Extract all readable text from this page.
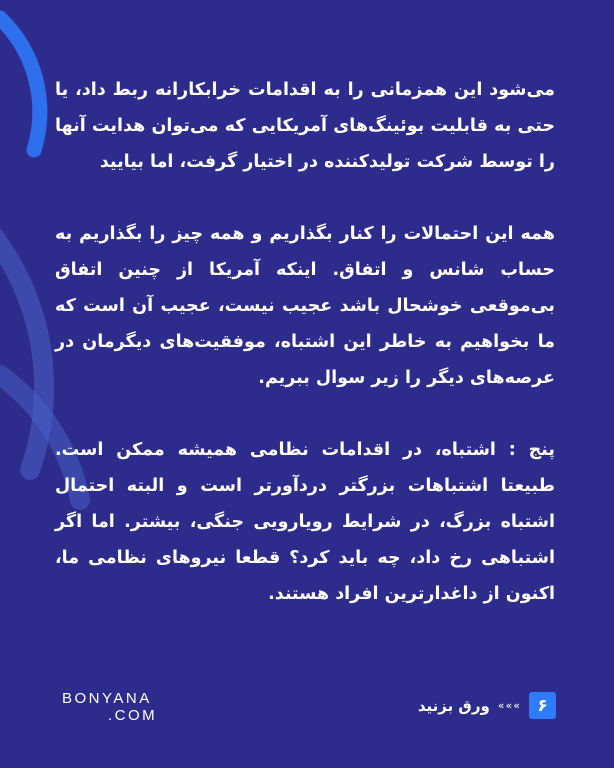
می‌شود این همزمانی را به اقدامات خرابکارانه ربط داد، یا حتی به قابلیت بوئینگ‌های آمریکایی که می‌توان هدایت آنها را توسط شرکت تولیدکننده در اختیار گرفت، اما بیایید

همه این احتمالات را کنار بگذاریم و همه چیز را بگذاریم به حساب شانس و اتفاق. اینکه آمریکا از چنین اتفاق بی‌موقعی خوشحال باشد عجیب نیست، عجیب آن است که ما بخواهیم به خاطر این اشتباه، موفقیت‌های دیگرمان در عرصه‌های دیگر را زیر سوال ببریم.

پنج : اشتباه، در اقدامات نظامی همیشه ممکن است. طبیعتا اشتباهات بزرگتر دردآورتر است و البته احتمال اشتباه بزرگ، در شرایط رویارویی جنگی، بیشتر. اما اگر اشتباهی رخ داد، چه باید کرد؟ قطعا نیروهای نظامی ما، اکنون از داغدارترین افراد هستند.

BONYANA
.COM	۶
»»»
ورق بزنید
